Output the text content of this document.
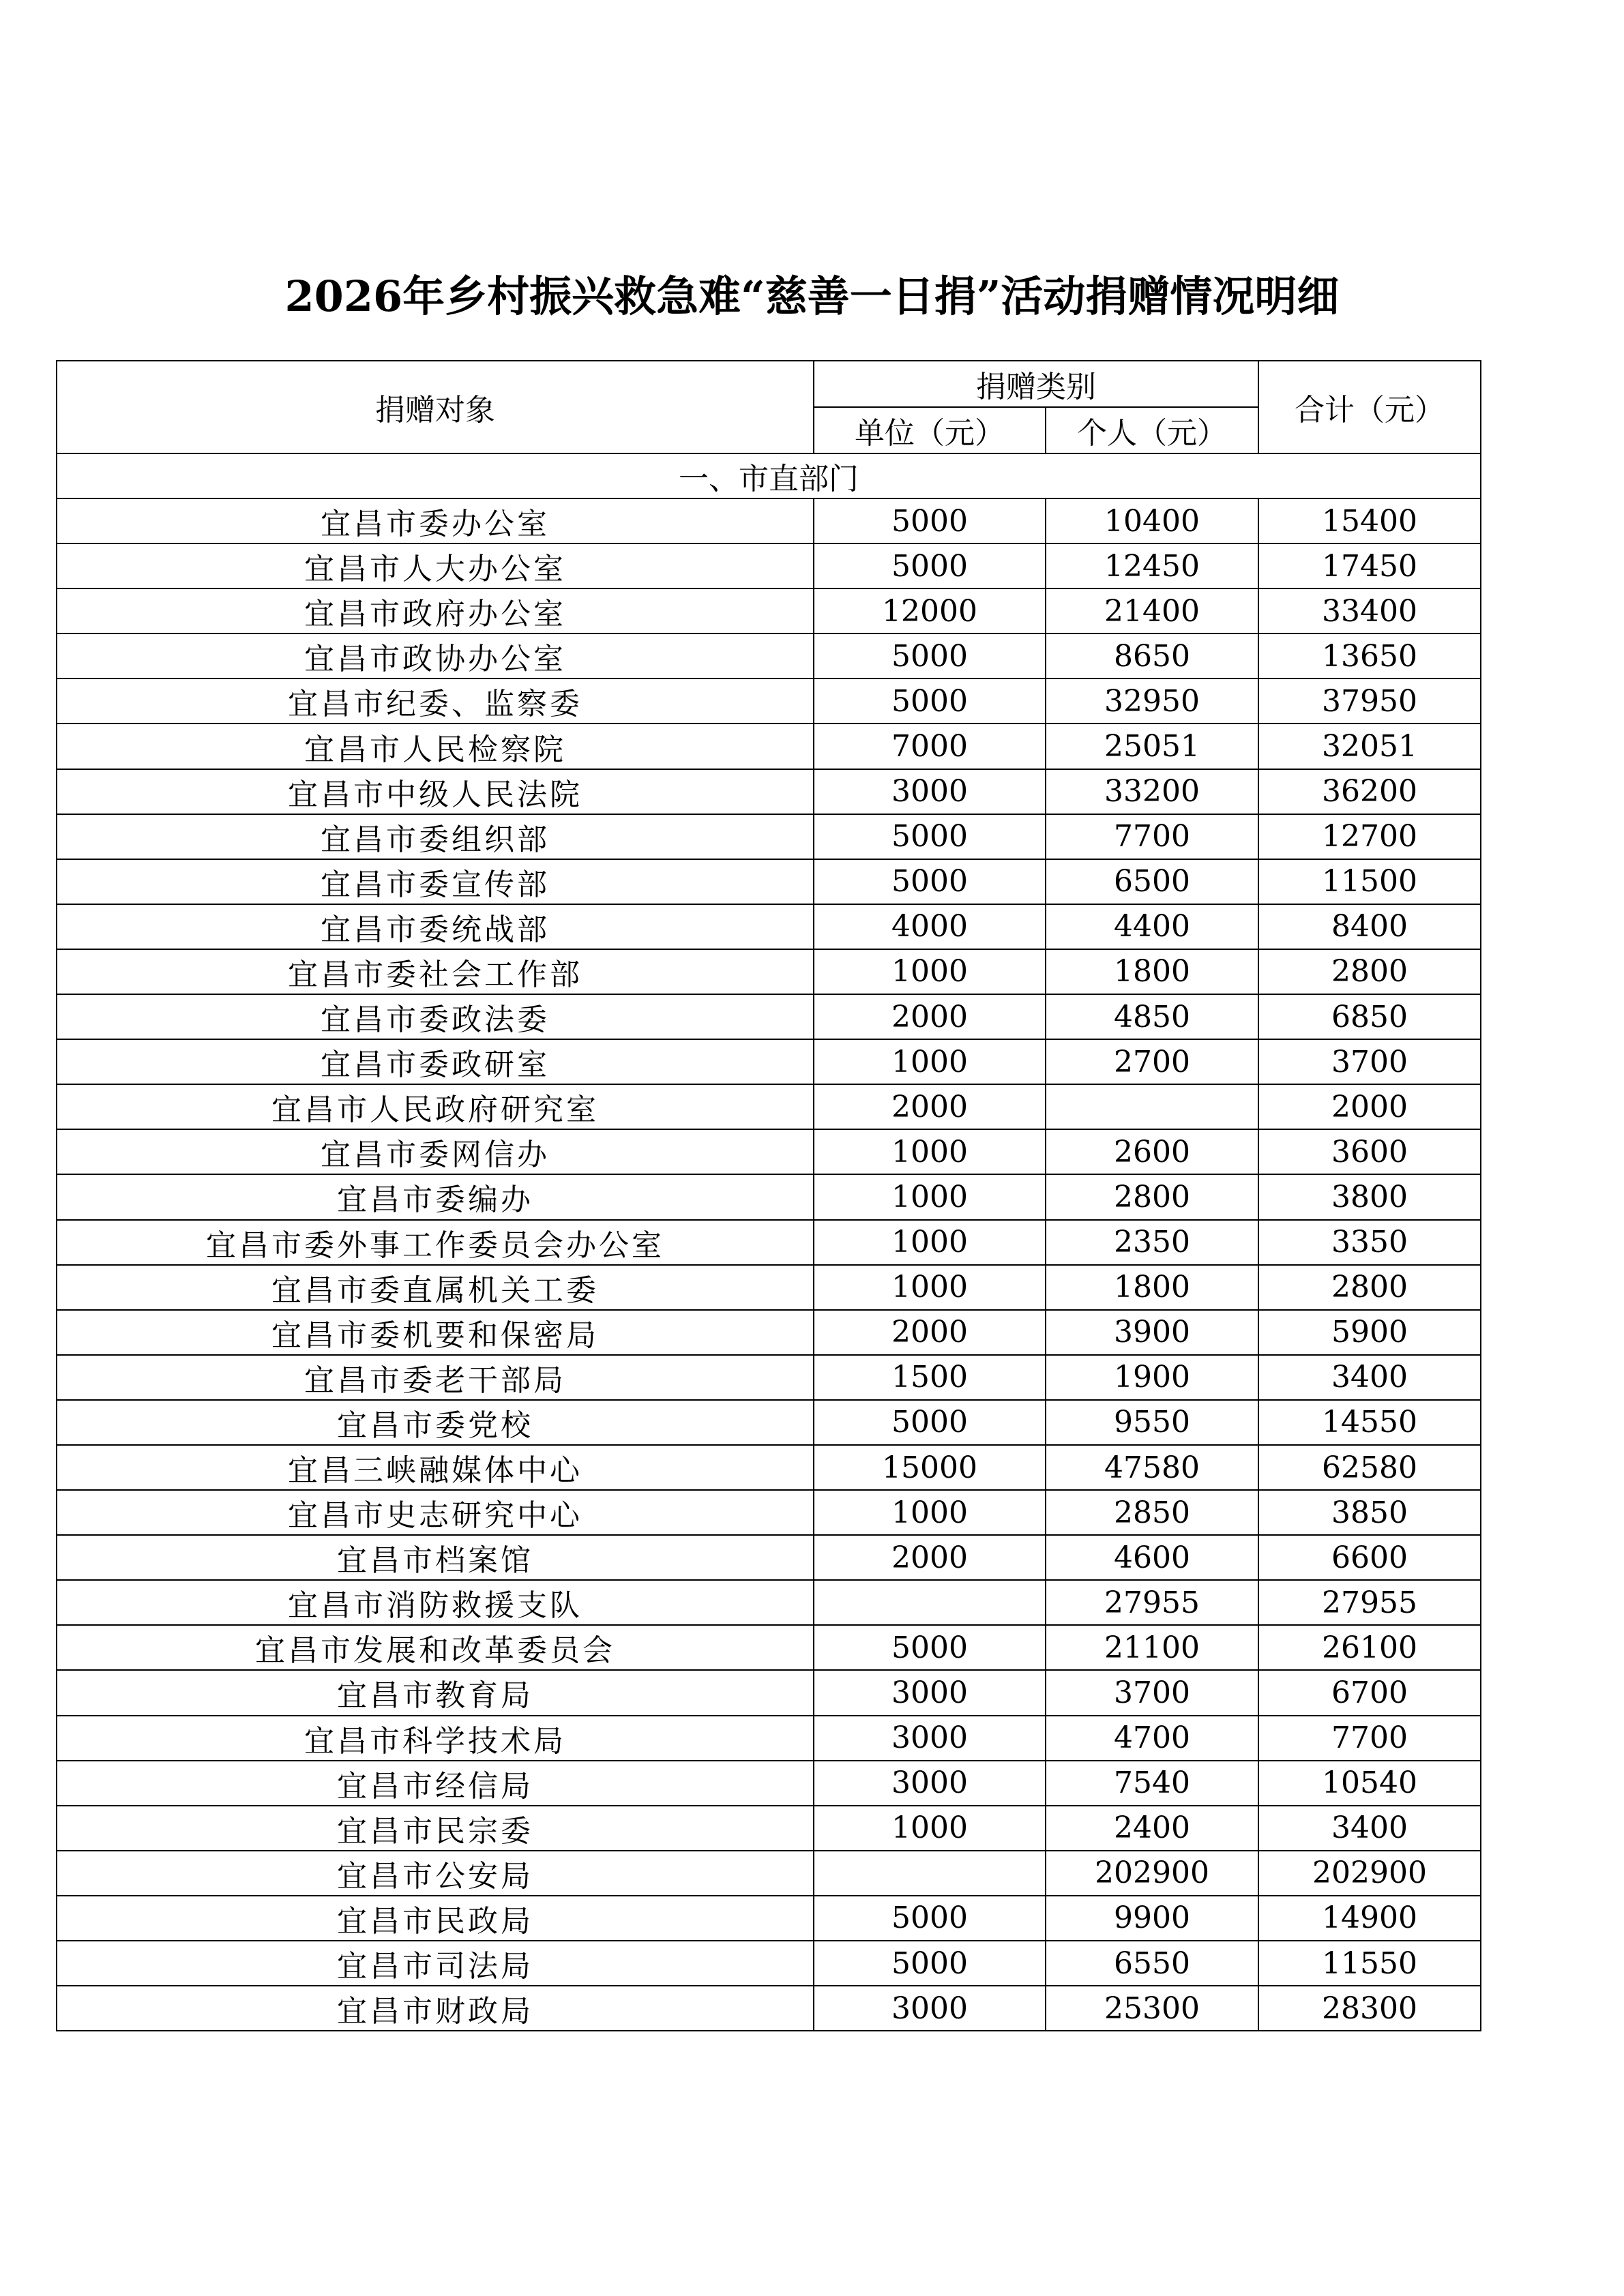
2026年乡村振兴救急难“慈善一日捐”活动捐赠情况明细
捐赠对象	捐赠类别		合计（元）
	单位（元）	个人（元）	
一、市直部门			
宜昌市委办公室	5000	10400	15400
宜昌市人大办公室	5000	12450	17450
宜昌市政府办公室	12000	21400	33400
宜昌市政协办公室	5000	8650	13650
宜昌市纪委、监察委	5000	32950	37950
宜昌市人民检察院	7000	25051	32051
宜昌市中级人民法院	3000	33200	36200
宜昌市委组织部	5000	7700	12700
宜昌市委宣传部	5000	6500	11500
宜昌市委统战部	4000	4400	8400
宜昌市委社会工作部	1000	1800	2800
宜昌市委政法委	2000	4850	6850
宜昌市委政研室	1000	2700	3700
宜昌市人民政府研究室	2000		2000
宜昌市委网信办	1000	2600	3600
宜昌市委编办	1000	2800	3800
宜昌市委外事工作委员会办公室	1000	2350	3350
宜昌市委直属机关工委	1000	1800	2800
宜昌市委机要和保密局	2000	3900	5900
宜昌市委老干部局	1500	1900	3400
宜昌市委党校	5000	9550	14550
宜昌三峡融媒体中心	15000	47580	62580
宜昌市史志研究中心	1000	2850	3850
宜昌市档案馆	2000	4600	6600
宜昌市消防救援支队		27955	27955
宜昌市发展和改革委员会	5000	21100	26100
宜昌市教育局	3000	3700	6700
宜昌市科学技术局	3000	4700	7700
宜昌市经信局	3000	7540	10540
宜昌市民宗委	1000	2400	3400
宜昌市公安局		202900	202900
宜昌市民政局	5000	9900	14900
宜昌市司法局	5000	6550	11550
宜昌市财政局	3000	25300	28300
